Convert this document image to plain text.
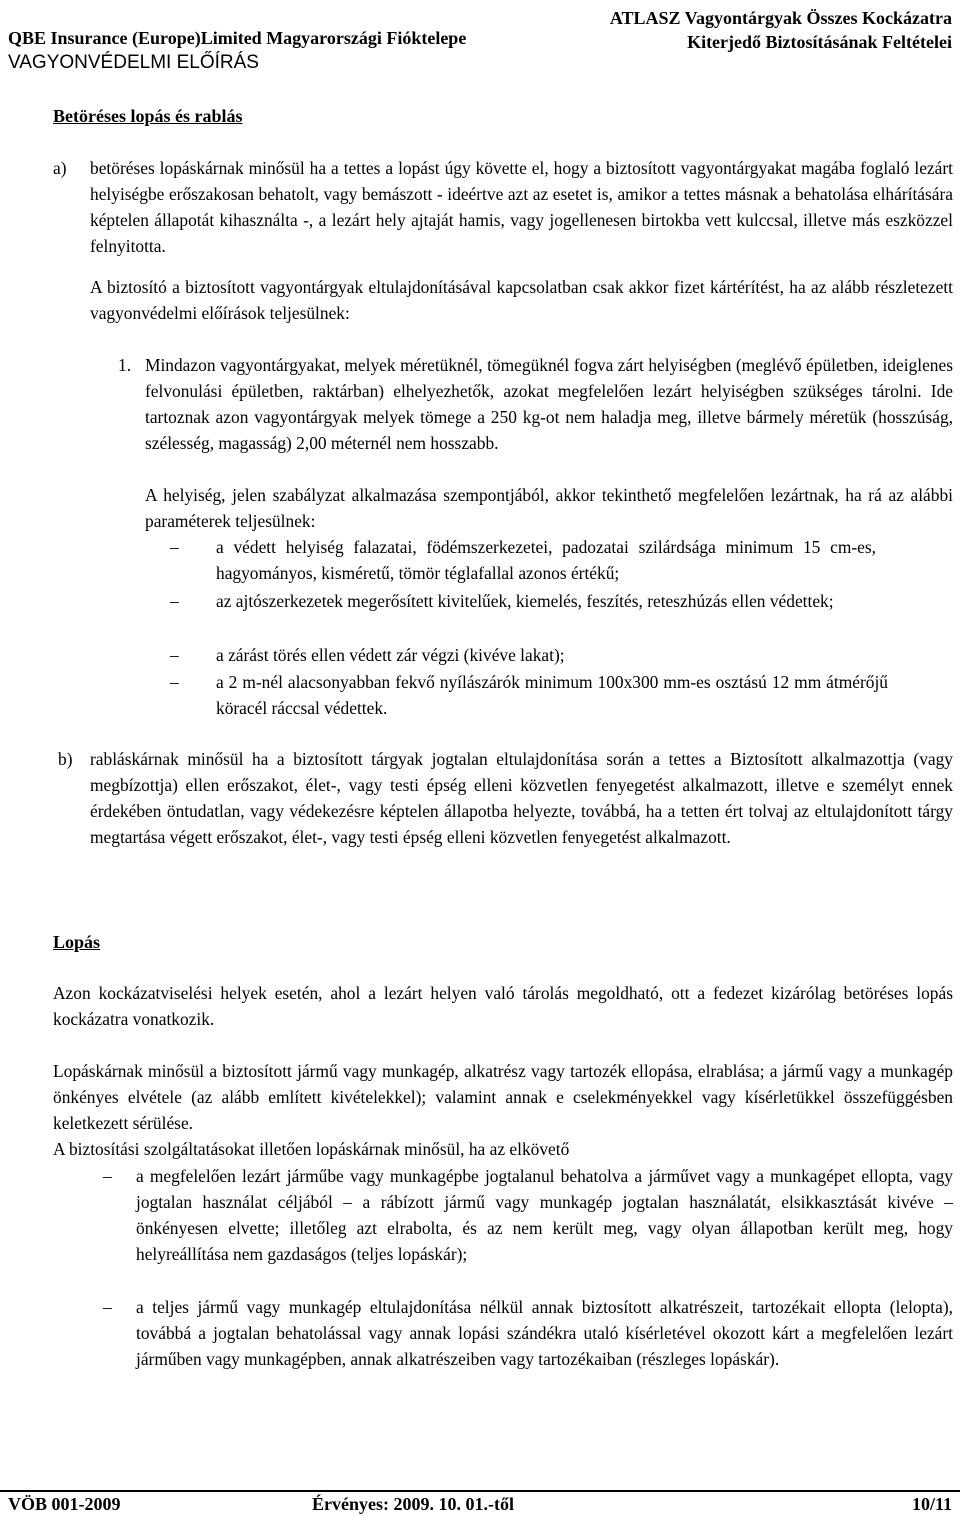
QBE Insurance (Europe)Limited Magyarországi Fióktelepe
ATLASZ Vagyontárgyak Összes Kockázatra
Kiterjedő Biztosításának Feltételei
VAGYONVÉDELMI ELŐÍRÁS
Betöréses lopás és rablás
a) betöréses lopáskárnak minősül ha a tettes a lopást úgy követte el, hogy a biztosított vagyontárgyakat magába foglaló lezárt helyiségbe erőszakosan behatolt, vagy bemászott - ideértve azt az esetet is, amikor a tettes másnak a behatolása elhárítására képtelen állapotát kihasználta -, a lezárt hely ajtaját hamis, vagy jogellenesen birtokba vett kulccsal, illetve más eszközzel felnyitotta.
A biztosító a biztosított vagyontárgyak eltulajdonításával kapcsolatban csak akkor fizet kártérítést, ha az alább részletezett vagyonvédelmi előírások teljesülnek:
1. Mindazon vagyontárgyakat, melyek méretüknél, tömegüknél fogva zárt helyiségben (meglévő épületben, ideiglenes felvonulási épületben, raktárban) elhelyezhetők, azokat megfelelően lezárt helyiségben szükséges tárolni. Ide tartoznak azon vagyontárgyak melyek tömege a 250 kg-ot nem haladja meg, illetve bármely méretük (hosszúság, szélesség, magasság) 2,00 méternél nem hosszabb.
A helyiség, jelen szabályzat alkalmazása szempontjából, akkor tekinthető megfelelően lezártnak, ha rá az alábbi paraméterek teljesülnek:
– a védett helyiség falazatai, födémszerkezetei, padozatai szilárdsága minimum 15 cm-es, hagyományos, kisméretű, tömör téglafallal azonos értékű;
– az ajtószerkezetek megerősített kivitelűek, kiemelés, feszítés, reteszhúzás ellen védettek;
– a zárást törés ellen védett zár végzi (kivéve lakat);
– a 2 m-nél alacsonyabban fekvő nyílászárók minimum 100x300 mm-es osztású 12 mm átmérőjű köracél ráccsal védettek.
b) rabláskárnak minősül ha a biztosított tárgyak jogtalan eltulajdonítása során a tettes a Biztosított alkalmazottja (vagy megbízottja) ellen erőszakot, élet-, vagy testi épség elleni közvetlen fenyegetést alkalmazott, illetve e személyt ennek érdekében öntudatlan, vagy védekezésre képtelen állapotba helyezte, továbbá, ha a tetten ért tolvaj az eltulajdonított tárgy megtartása végett erőszakot, élet-, vagy testi épség elleni közvetlen fenyegetést alkalmazott.
Lopás
Azon kockázatviselési helyek esetén, ahol a lezárt helyen való tárolás megoldható, ott a fedezet kizárólag betöréses lopás kockázatra vonatkozik.
Lopáskárnak minősül a biztosított jármű vagy munkagép, alkatrész vagy tartozék ellopása, elrablása; a jármű vagy a munkagép önkényes elvétele (az alább említett kivételekkel); valamint annak e cselekményekkel vagy kísérletükkel összefüggésben keletkezett sérülése.
A biztosítási szolgáltatásokat illetően lopáskárnak minősül, ha az elkövető
– a megfelelően lezárt járműbe vagy munkagépbe jogtalanul behatolva a járművet vagy a munkagépet ellopta, vagy jogtalan használat céljából – a rábízott jármű vagy munkagép jogtalan használatát, elsikkasztását kivéve – önkényesen elvette; illetőleg azt elrabolta, és az nem került meg, vagy olyan állapotban került meg, hogy helyreállítása nem gazdaságos (teljes lopáskár);
– a teljes jármű vagy munkagép eltulajdonítása nélkül annak biztosított alkatrészeit, tartozékait ellopta (lelopta), továbbá a jogtalan behatolással vagy annak lopási szándékra utaló kísérletével okozott kárt a megfelelően lezárt járműben vagy munkagépben, annak alkatrészeiben vagy tartozékaiban (részleges lopáskár).
VÖB 001-2009	Érvényes: 2009. 10. 01.-től	10/11
